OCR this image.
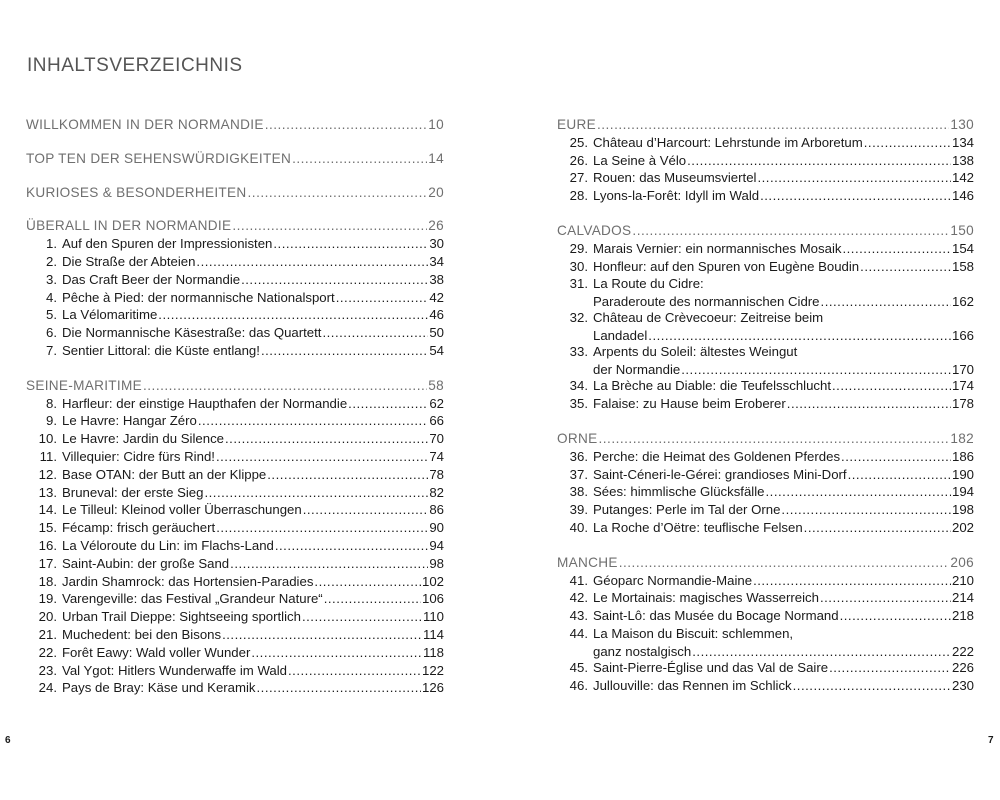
INHALTSVERZEICHNIS
WILLKOMMEN IN DER NORMANDIE .....	10
TOP TEN DER SEHENSWÜRDIGKEITEN .....	14
KURIOSES & BESONDERHEITEN .....	20
ÜBERALL IN DER NORMANDIE .....	26
1. Auf den Spuren der Impressionisten .....	30
2. Die Straße der Abteien .....	34
3. Das Craft Beer der Normandie .....	38
4. Pêche à Pied: der normannische Nationalsport .....	42
5. La Vélomaritime .....	46
6. Die Normannische Käsestraße: das Quartett .....	50
7. Sentier Littoral: die Küste entlang! .....	54
SEINE-MARITIME .....	58
8. Harfleur: der einstige Haupthafen der Normandie .....	62
9. Le Havre: Hangar Zéro .....	66
10. Le Havre: Jardin du Silence .....	70
11. Villequier: Cidre fürs Rind! .....	74
12. Base OTAN: der Butt an der Klippe .....	78
13. Bruneval: der erste Sieg .....	82
14. Le Tilleul: Kleinod voller Überraschungen .....	86
15. Fécamp: frisch geräuchert .....	90
16. La Véloroute du Lin: im Flachs-Land .....	94
17. Saint-Aubin: der große Sand .....	98
18. Jardin Shamrock: das Hortensien-Paradies .....	102
19. Varengeville: das Festival „Grandeur Nature“ .....	106
20. Urban Trail Dieppe: Sightseeing sportlich .....	110
21. Muchedent: bei den Bisons .....	114
22. Forêt Eawy: Wald voller Wunder .....	118
23. Val Ygot: Hitlers Wunderwaffe im Wald .....	122
24. Pays de Bray: Käse und Keramik .....	126
EURE .....	130
25. Château d’Harcourt: Lehrstunde im Arboretum .....	134
26. La Seine à Vélo .....	138
27. Rouen: das Museumsviertel .....	142
28. Lyons-la-Forêt: Idyll im Wald .....	146
CALVADOS .....	150
29. Marais Vernier: ein normannisches Mosaik .....	154
30. Honfleur: auf den Spuren von Eugène Boudin .....	158
31. La Route du Cidre:
Paraderoute des normannischen Cidre .....	162
32. Château de Crèvecoeur: Zeitreise beim
Landadel .....	166
33. Arpents du Soleil: ältestes Weingut
der Normandie .....	170
34. La Brèche au Diable: die Teufelsschlucht .....	174
35. Falaise: zu Hause beim Eroberer .....	178
ORNE .....	182
36. Perche: die Heimat des Goldenen Pferdes .....	186
37. Saint-Céneri-le-Gérei: grandioses Mini-Dorf .....	190
38. Sées: himmlische Glücksfälle .....	194
39. Putanges: Perle im Tal der Orne .....	198
40. La Roche d’Oëtre: teuflische Felsen .....	202
MANCHE .....	206
41. Géoparc Normandie-Maine .....	210
42. Le Mortainais: magisches Wasserreich .....	214
43. Saint-Lô: das Musée du Bocage Normand .....	218
44. La Maison du Biscuit: schlemmen,
ganz nostalgisch .....	222
45. Saint-Pierre-Église und das Val de Saire .....	226
46. Jullouville: das Rennen im Schlick .....	230
6	7
